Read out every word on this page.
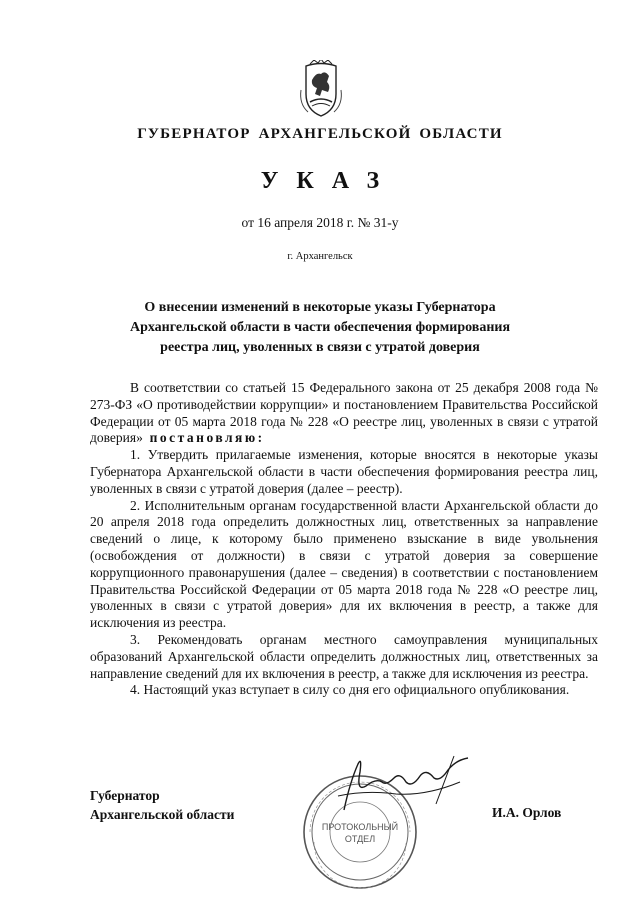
ГУБЕРНАТОР АРХАНГЕЛЬСКОЙ ОБЛАСТИ
УКАЗ
от 16 апреля 2018 г. № 31-у
г. Архангельск
О внесении изменений в некоторые указы Губернатора
Архангельской области в части обеспечения формирования
реестра лиц, уволенных в связи с утратой доверия

В соответствии со статьей 15 Федерального закона от 25 декабря 2008 года № 273-ФЗ «О противодействии коррупции» и постановлением Правительства Российской Федерации от 05 марта 2018 года № 228 «О реестре лиц, уволенных в связи с утратой доверия» постановляю:

1. Утвердить прилагаемые изменения, которые вносятся в некоторые указы Губернатора Архангельской области в части обеспечения формирования реестра лиц, уволенных в связи с утратой доверия (далее – реестр).

2. Исполнительным органам государственной власти Архангельской области до 20 апреля 2018 года определить должностных лиц, ответственных за направление сведений о лице, к которому было применено взыскание в виде увольнения (освобождения от должности) в связи с утратой доверия за совершение коррупционного правонарушения (далее – сведения) в соответствии с постановлением Правительства Российской Федерации от 05 марта 2018 года № 228 «О реестре лиц, уволенных в связи с утратой доверия» для их включения в реестр, а также для исключения из реестра.

3. Рекомендовать органам местного самоуправления муниципальных образований Архангельской области определить должностных лиц, ответственных за направление сведений для их включения в реестр, а также для исключения из реестра.

4. Настоящий указ вступает в силу со дня его официального опубликования.

ПРОТОКОЛЬНЫЙ
ОТДЕЛ
Губернатор
Архангельской области	И.А. Орлов
